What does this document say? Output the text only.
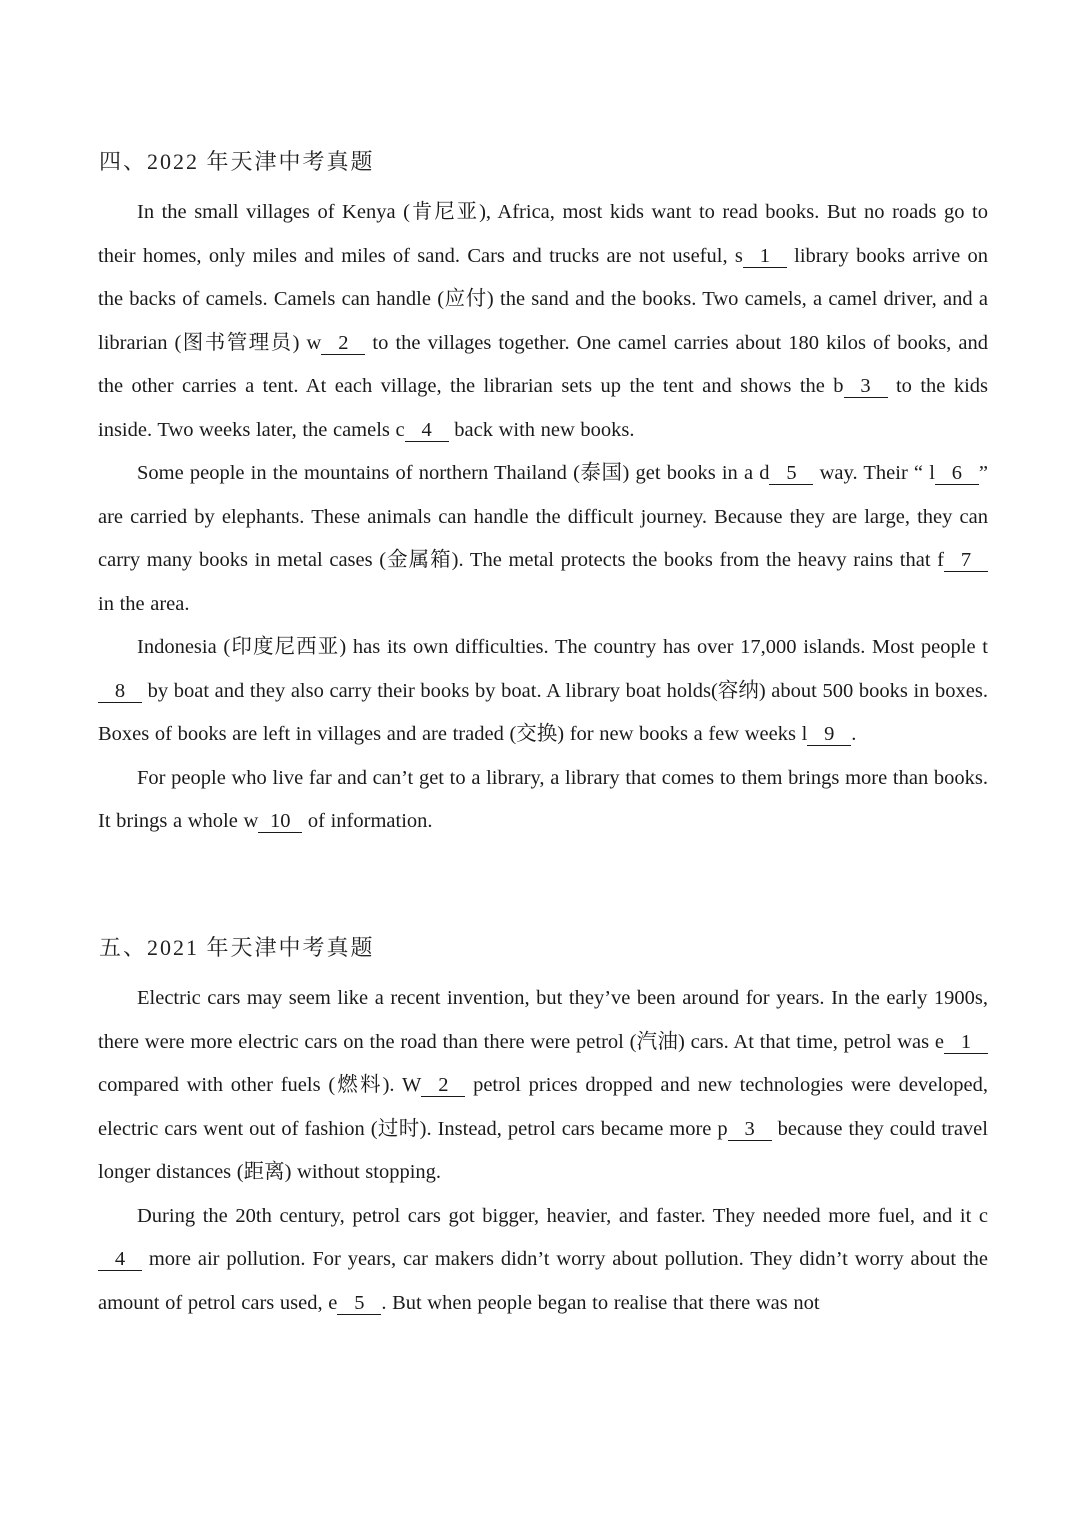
四、2022 年天津中考真题

In the small villages of Kenya (肯尼亚), Africa, most kids want to read books. But no roads go to their homes, only miles and miles of sand. Cars and trucks are not useful, s 1 library books arrive on the backs of camels. Camels can handle (应付) the sand and the books. Two camels, a camel driver, and a librarian (图书管理员) w 2 to the villages together. One camel carries about 180 kilos of books, and the other carries a tent. At each village, the librarian sets up the tent and shows the b 3 to the kids inside. Two weeks later, the camels c 4 back with new books.

Some people in the mountains of northern Thailand (泰国) get books in a d 5 way. Their “ l 6 ” are carried by elephants. These animals can handle the difficult journey. Because they are large, they can carry many books in metal cases (金属箱). The metal protects the books from the heavy rains that f 7 in the area.

Indonesia (印度尼西亚) has its own difficulties. The country has over 17,000 islands. Most people t8 by boat and they also carry their books by boat. A library boat holds(容纳) about 500 books in boxes. Boxes of books are left in villages and are traded (交换) for new books a few weeks l 9 .

For people who live far and can’t get to a library, a library that comes to them brings more than books. It brings a whole w 10 of information.

五、2021 年天津中考真题

Electric cars may seem like a recent invention, but they’ve been around for years. In the early 1900s, there were more electric cars on the road than there were petrol (汽油) cars. At that time, petrol was e 1 compared with other fuels (燃料). W 2 petrol prices dropped and new technologies were developed, electric cars went out of fashion (过时). Instead, petrol cars became more p 3 because they could travel longer distances (距离) without stopping.

During the 20th century, petrol cars got bigger, heavier, and faster. They needed more fuel, and it c4 more air pollution. For years, car makers didn’t worry about pollution. They didn’t worry about the amount of petrol cars used, e 5 . But when people began to realise that there was not
